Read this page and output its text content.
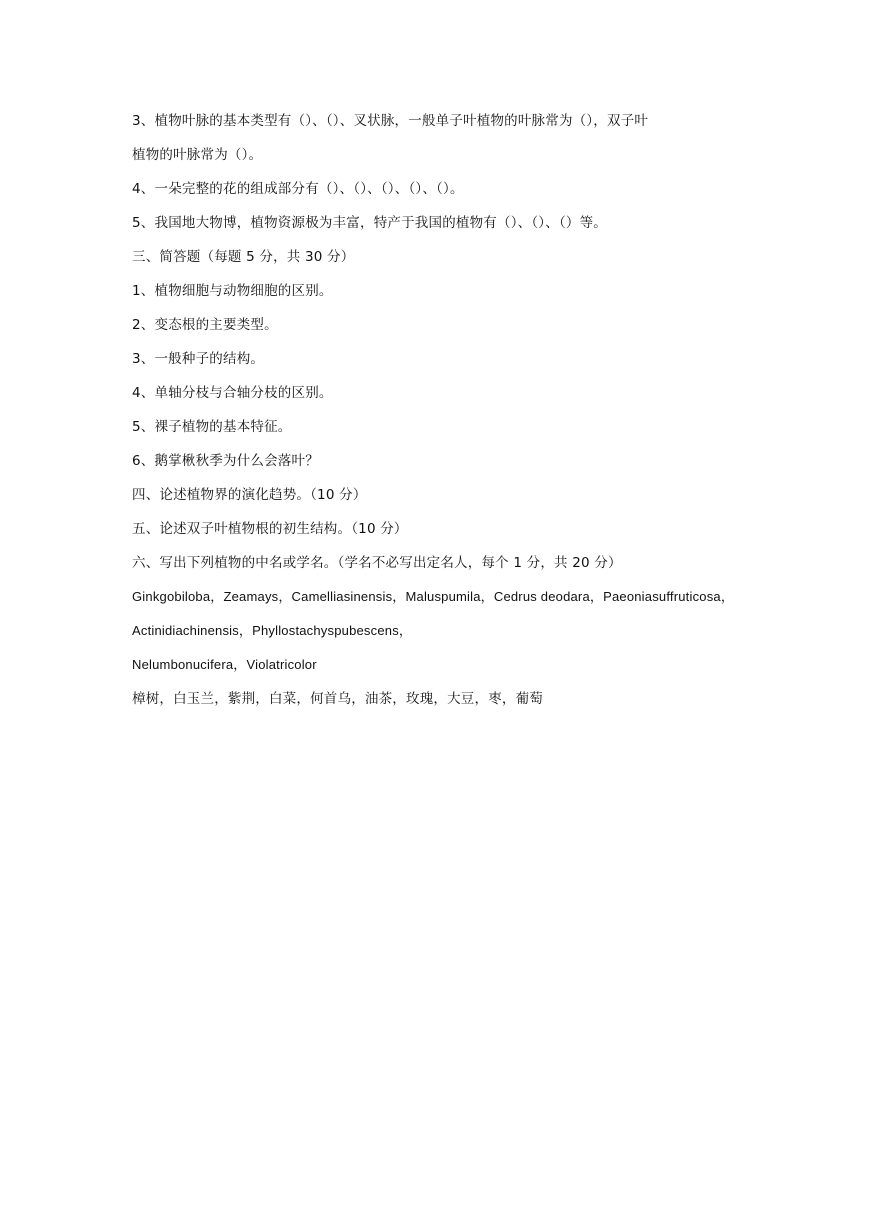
3、植物叶脉的基本类型有（）、（）、叉状脉，一般单子叶植物的叶脉常为（），双子叶
植物的叶脉常为（）。
4、一朵完整的花的组成部分有（）、（）、（）、（）、（）。
5、我国地大物博，植物资源极为丰富，特产于我国的植物有（）、（）、（）等。
三、简答题（每题 5 分，共 30 分）
1、植物细胞与动物细胞的区别。
2、变态根的主要类型。
3、一般种子的结构。
4、单轴分枝与合轴分枝的区别。
5、裸子植物的基本特征。
6、鹅掌楸秋季为什么会落叶？
四、论述植物界的演化趋势。（10 分）
五、论述双子叶植物根的初生结构。（10 分）
六、写出下列植物的中名或学名。（学名不必写出定名人，每个 1 分，共 20 分）
Ginkgobiloba，Zeamays，Camelliasinensis，Maluspumila，Cedrus deodara，Paeoniasuffruticosa，
Actinidiachinensis，Phyllostachyspubescens，
Nelumbonucifera，Violatricolor
樟树，白玉兰，紫荆，白菜，何首乌，油茶，玫瑰，大豆，枣，葡萄
